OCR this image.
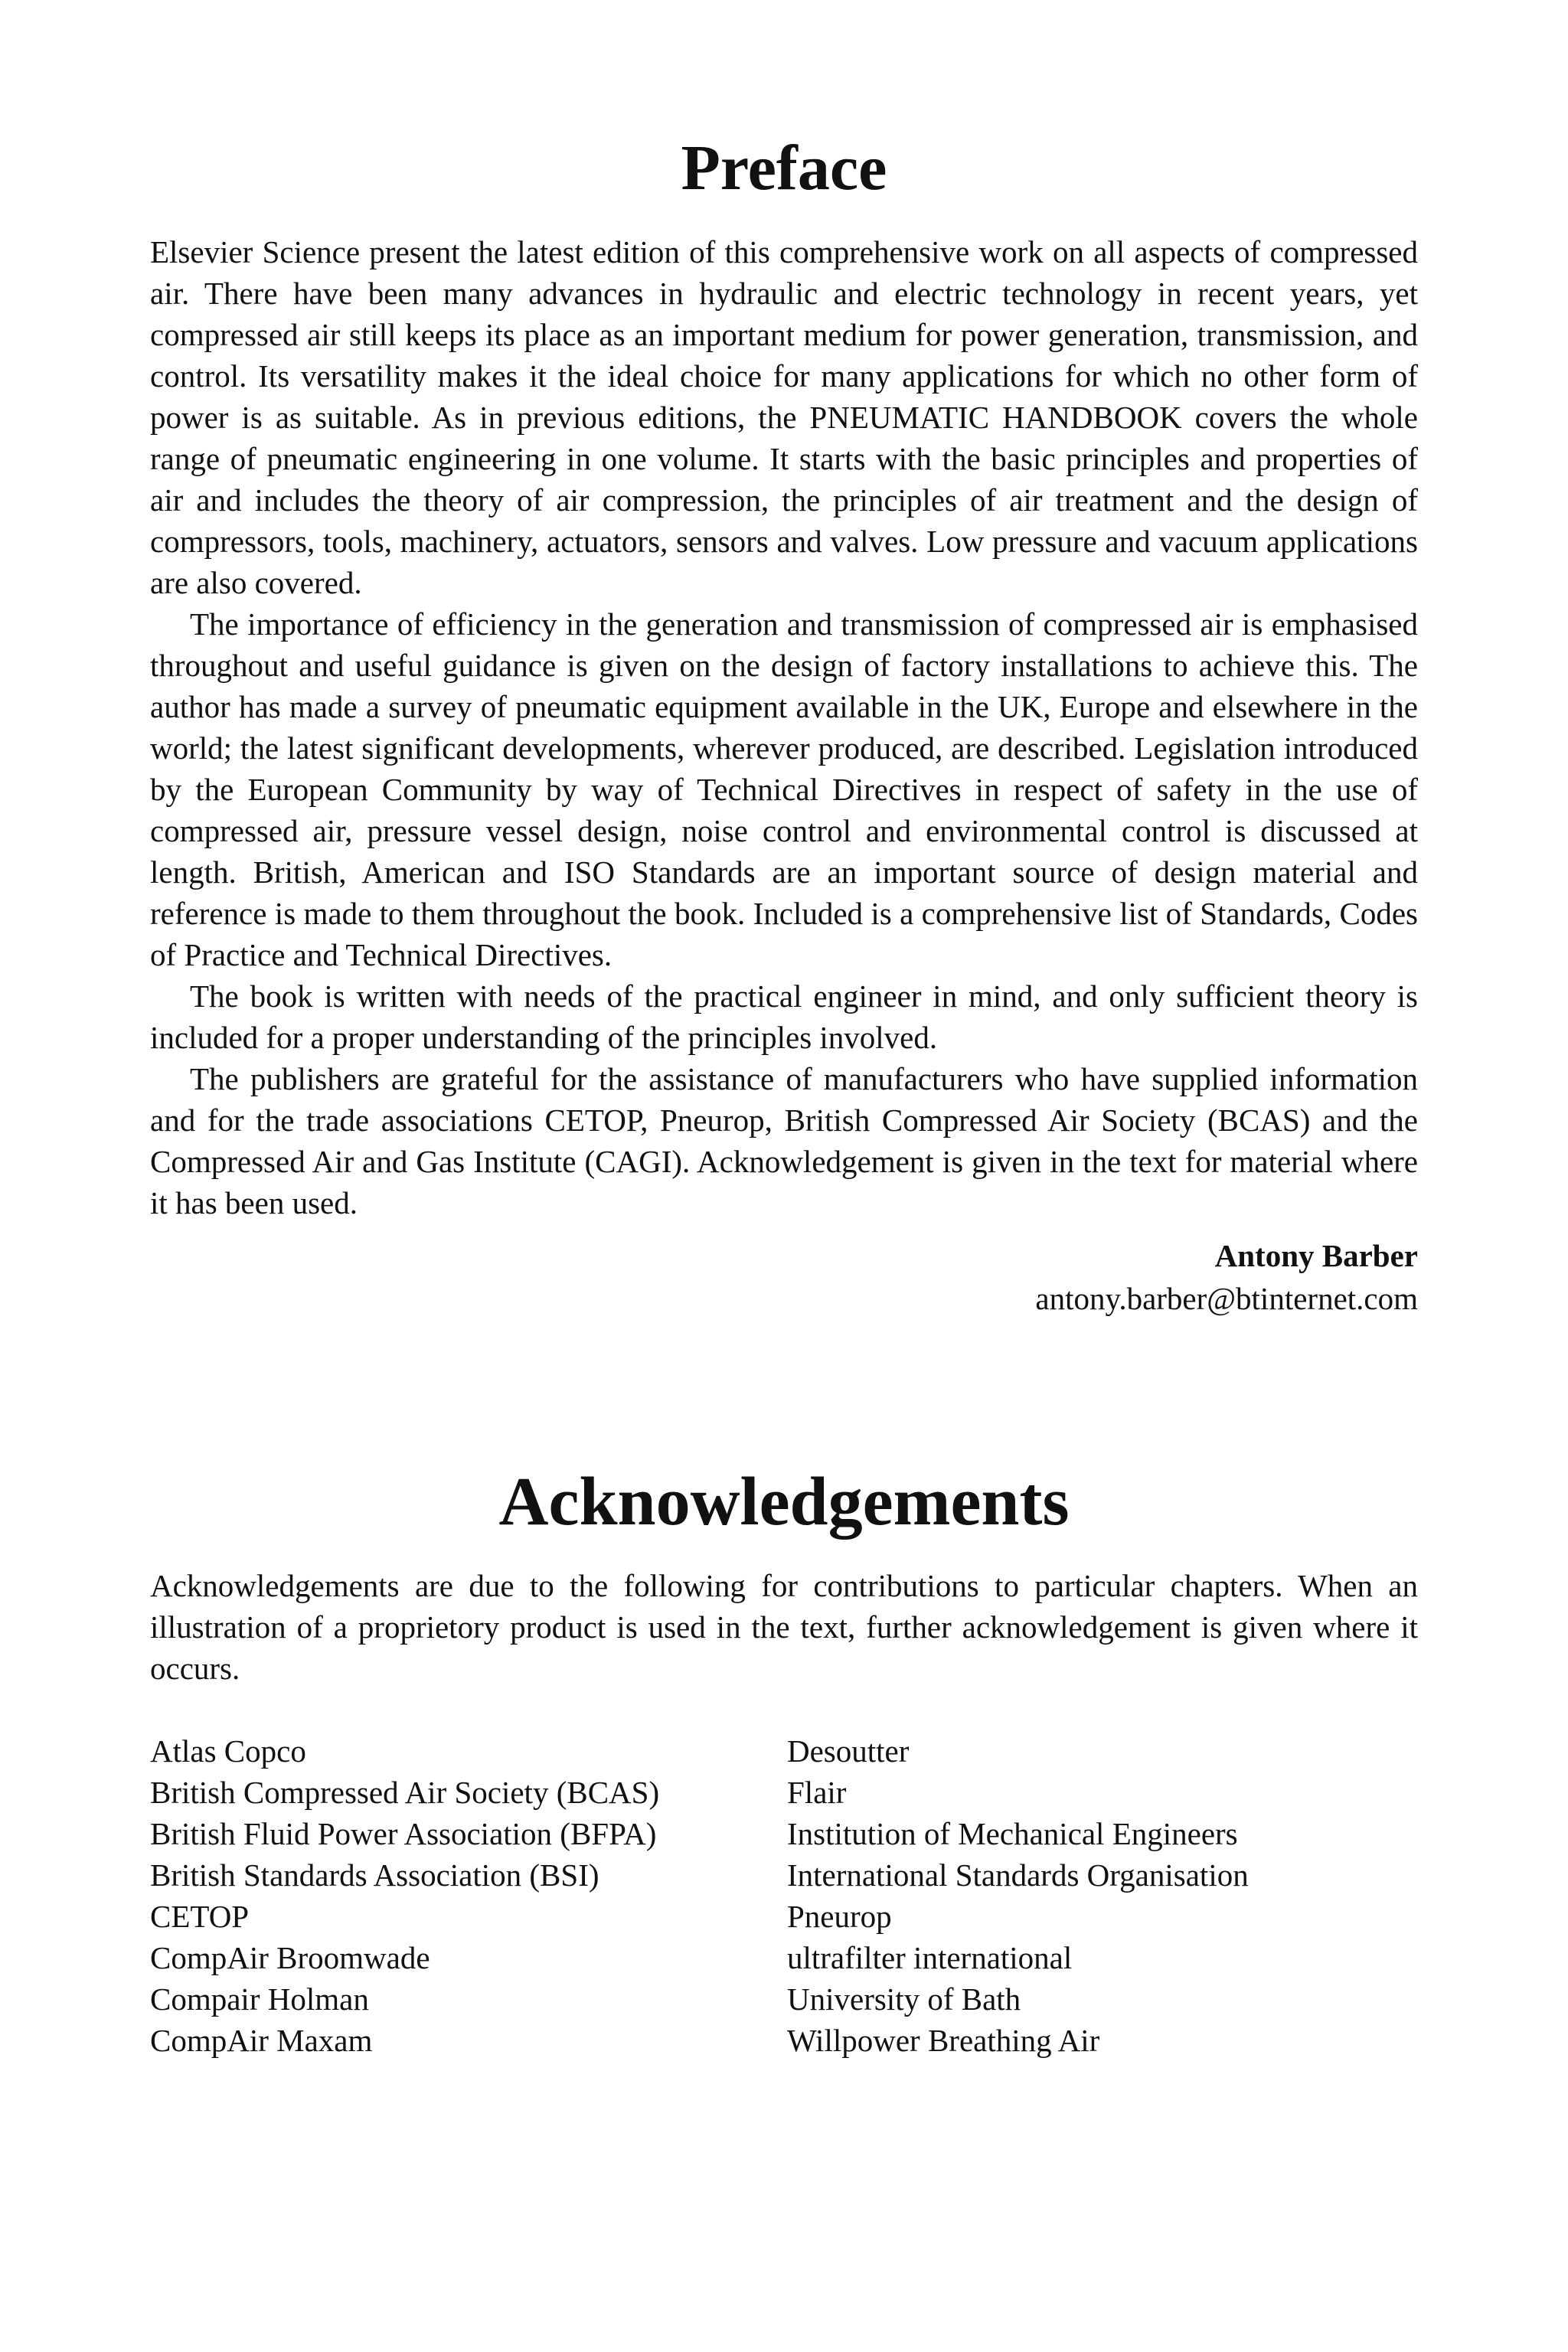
Preface

Elsevier Science present the latest edition of this comprehensive work on all aspects of compressed air. There have been many advances in hydraulic and electric technology in recent years, yet compressed air still keeps its place as an important medium for power generation, transmission, and control. Its versatility makes it the ideal choice for many applications for which no other form of power is as suitable. As in previous editions, the PNEUMATIC HANDBOOK covers the whole range of pneumatic engineering in one volume. It starts with the basic principles and properties of air and includes the theory of air compression, the principles of air treatment and the design of compressors, tools, machinery, actuators, sensors and valves. Low pressure and vacuum applications are also covered.

The importance of efficiency in the generation and transmission of compressed air is emphasised throughout and useful guidance is given on the design of factory installations to achieve this. The author has made a survey of pneumatic equipment available in the UK, Europe and elsewhere in the world; the latest significant developments, wherever produced, are described. Legislation introduced by the European Community by way of Technical Directives in respect of safety in the use of compressed air, pressure vessel design, noise control and environmental control is discussed at length. British, American and ISO Standards are an important source of design material and reference is made to them throughout the book. Included is a comprehensive list of Standards, Codes of Practice and Technical Directives.

The book is written with needs of the practical engineer in mind, and only sufficient theory is included for a proper understanding of the principles involved.

The publishers are grateful for the assistance of manufacturers who have supplied information and for the trade associations CETOP, Pneurop, British Compressed Air Society (BCAS) and the Compressed Air and Gas Institute (CAGI). Acknowledgement is given in the text for material where it has been used.

Antony Barber
antony.barber@btinternet.com
Acknowledgements

Acknowledgements are due to the following for contributions to particular chapters. When an illustration of a proprietory product is used in the text, further acknowledgement is given where it occurs.

Atlas Copco
British Compressed Air Society (BCAS)
British Fluid Power Association (BFPA)
British Standards Association (BSI)
CETOP
CompAir Broomwade
Compair Holman
CompAir Maxam
Desoutter
Flair
Institution of Mechanical Engineers
International Standards Organisation
Pneurop
ultrafilter international
University of Bath
Willpower Breathing Air
